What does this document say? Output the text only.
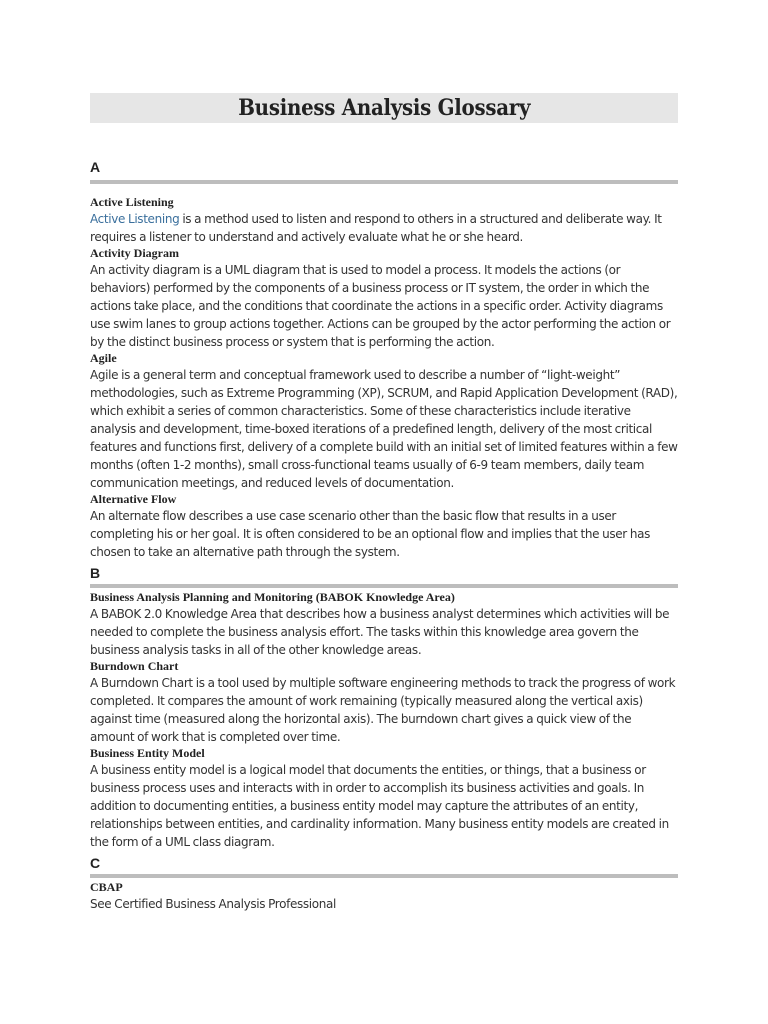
Business Analysis Glossary

A

Active Listening

Active Listening is a method used to listen and respond to others in a structured and deliberate way. It requires a listener to understand and actively evaluate what he or she heard.

Activity Diagram

An activity diagram is a UML diagram that is used to model a process. It models the actions (or behaviors) performed by the components of a business process or IT system, the order in which the actions take place, and the conditions that coordinate the actions in a specific order. Activity diagrams use swim lanes to group actions together. Actions can be grouped by the actor performing the action or by the distinct business process or system that is performing the action.

Agile

Agile is a general term and conceptual framework used to describe a number of “light-weight” methodologies, such as Extreme Programming (XP), SCRUM, and Rapid Application Development (RAD), which exhibit a series of common characteristics. Some of these characteristics include iterative analysis and development, time-boxed iterations of a predefined length, delivery of the most critical features and functions first, delivery of a complete build with an initial set of limited features within a few months (often 1-2 months), small cross-functional teams usually of 6-9 team members, daily team communication meetings, and reduced levels of documentation.

Alternative Flow

An alternate flow describes a use case scenario other than the basic flow that results in a user completing his or her goal. It is often considered to be an optional flow and implies that the user has chosen to take an alternative path through the system.

B

Business Analysis Planning and Monitoring (BABOK Knowledge Area)

A BABOK 2.0 Knowledge Area that describes how a business analyst determines which activities will be needed to complete the business analysis effort. The tasks within this knowledge area govern the business analysis tasks in all of the other knowledge areas.

Burndown Chart

A Burndown Chart is a tool used by multiple software engineering methods to track the progress of work completed. It compares the amount of work remaining (typically measured along the vertical axis) against time (measured along the horizontal axis). The burndown chart gives a quick view of the amount of work that is completed over time.

Business Entity Model

A business entity model is a logical model that documents the entities, or things, that a business or business process uses and interacts with in order to accomplish its business activities and goals. In addition to documenting entities, a business entity model may capture the attributes of an entity, relationships between entities, and cardinality information. Many business entity models are created in the form of a UML class diagram.

C

CBAP

See Certified Business Analysis Professional
